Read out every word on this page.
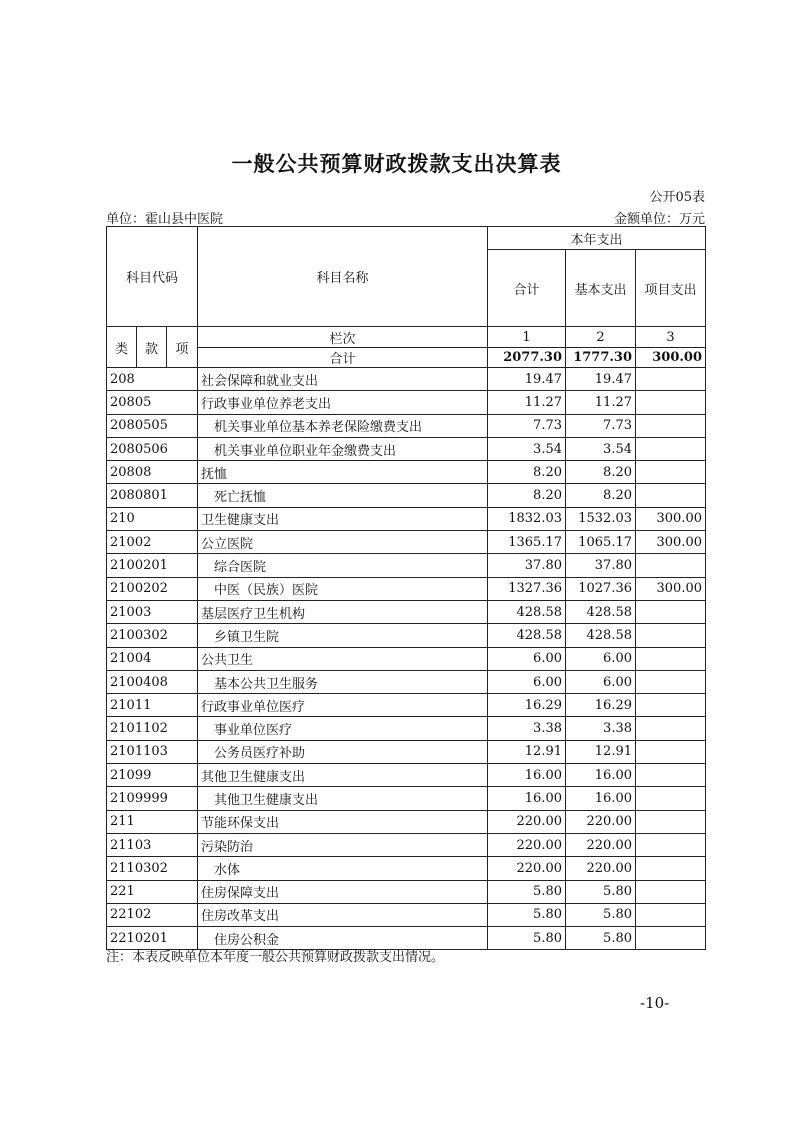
一般公共预算财政拨款支出决算表
公开05表
单位：霍山县中医院	金额单位：万元
科目代码			科目名称	本年支出		
				合计	基本支出	项目支出
类	款	项	栏次	1	2	3
			合计	2077.30	1777.30	300.00
208			社会保障和就业支出	19.47	19.47	
20805			行政事业单位养老支出	11.27	11.27	
2080505			机关事业单位基本养老保险缴费支出	7.73	7.73	
2080506			机关事业单位职业年金缴费支出	3.54	3.54	
20808			抚恤	8.20	8.20	
2080801			死亡抚恤	8.20	8.20	
210			卫生健康支出	1832.03	1532.03	300.00
21002			公立医院	1365.17	1065.17	300.00
2100201			综合医院	37.80	37.80	
2100202			中医（民族）医院	1327.36	1027.36	300.00
21003			基层医疗卫生机构	428.58	428.58	
2100302			乡镇卫生院	428.58	428.58	
21004			公共卫生	6.00	6.00	
2100408			基本公共卫生服务	6.00	6.00	
21011			行政事业单位医疗	16.29	16.29	
2101102			事业单位医疗	3.38	3.38	
2101103			公务员医疗补助	12.91	12.91	
21099			其他卫生健康支出	16.00	16.00	
2109999			其他卫生健康支出	16.00	16.00	
211			节能环保支出	220.00	220.00	
21103			污染防治	220.00	220.00	
2110302			水体	220.00	220.00	
221			住房保障支出	5.80	5.80	
22102			住房改革支出	5.80	5.80	
2210201			住房公积金	5.80	5.80	
注：本表反映单位本年度一般公共预算财政拨款支出情况。
-10-
